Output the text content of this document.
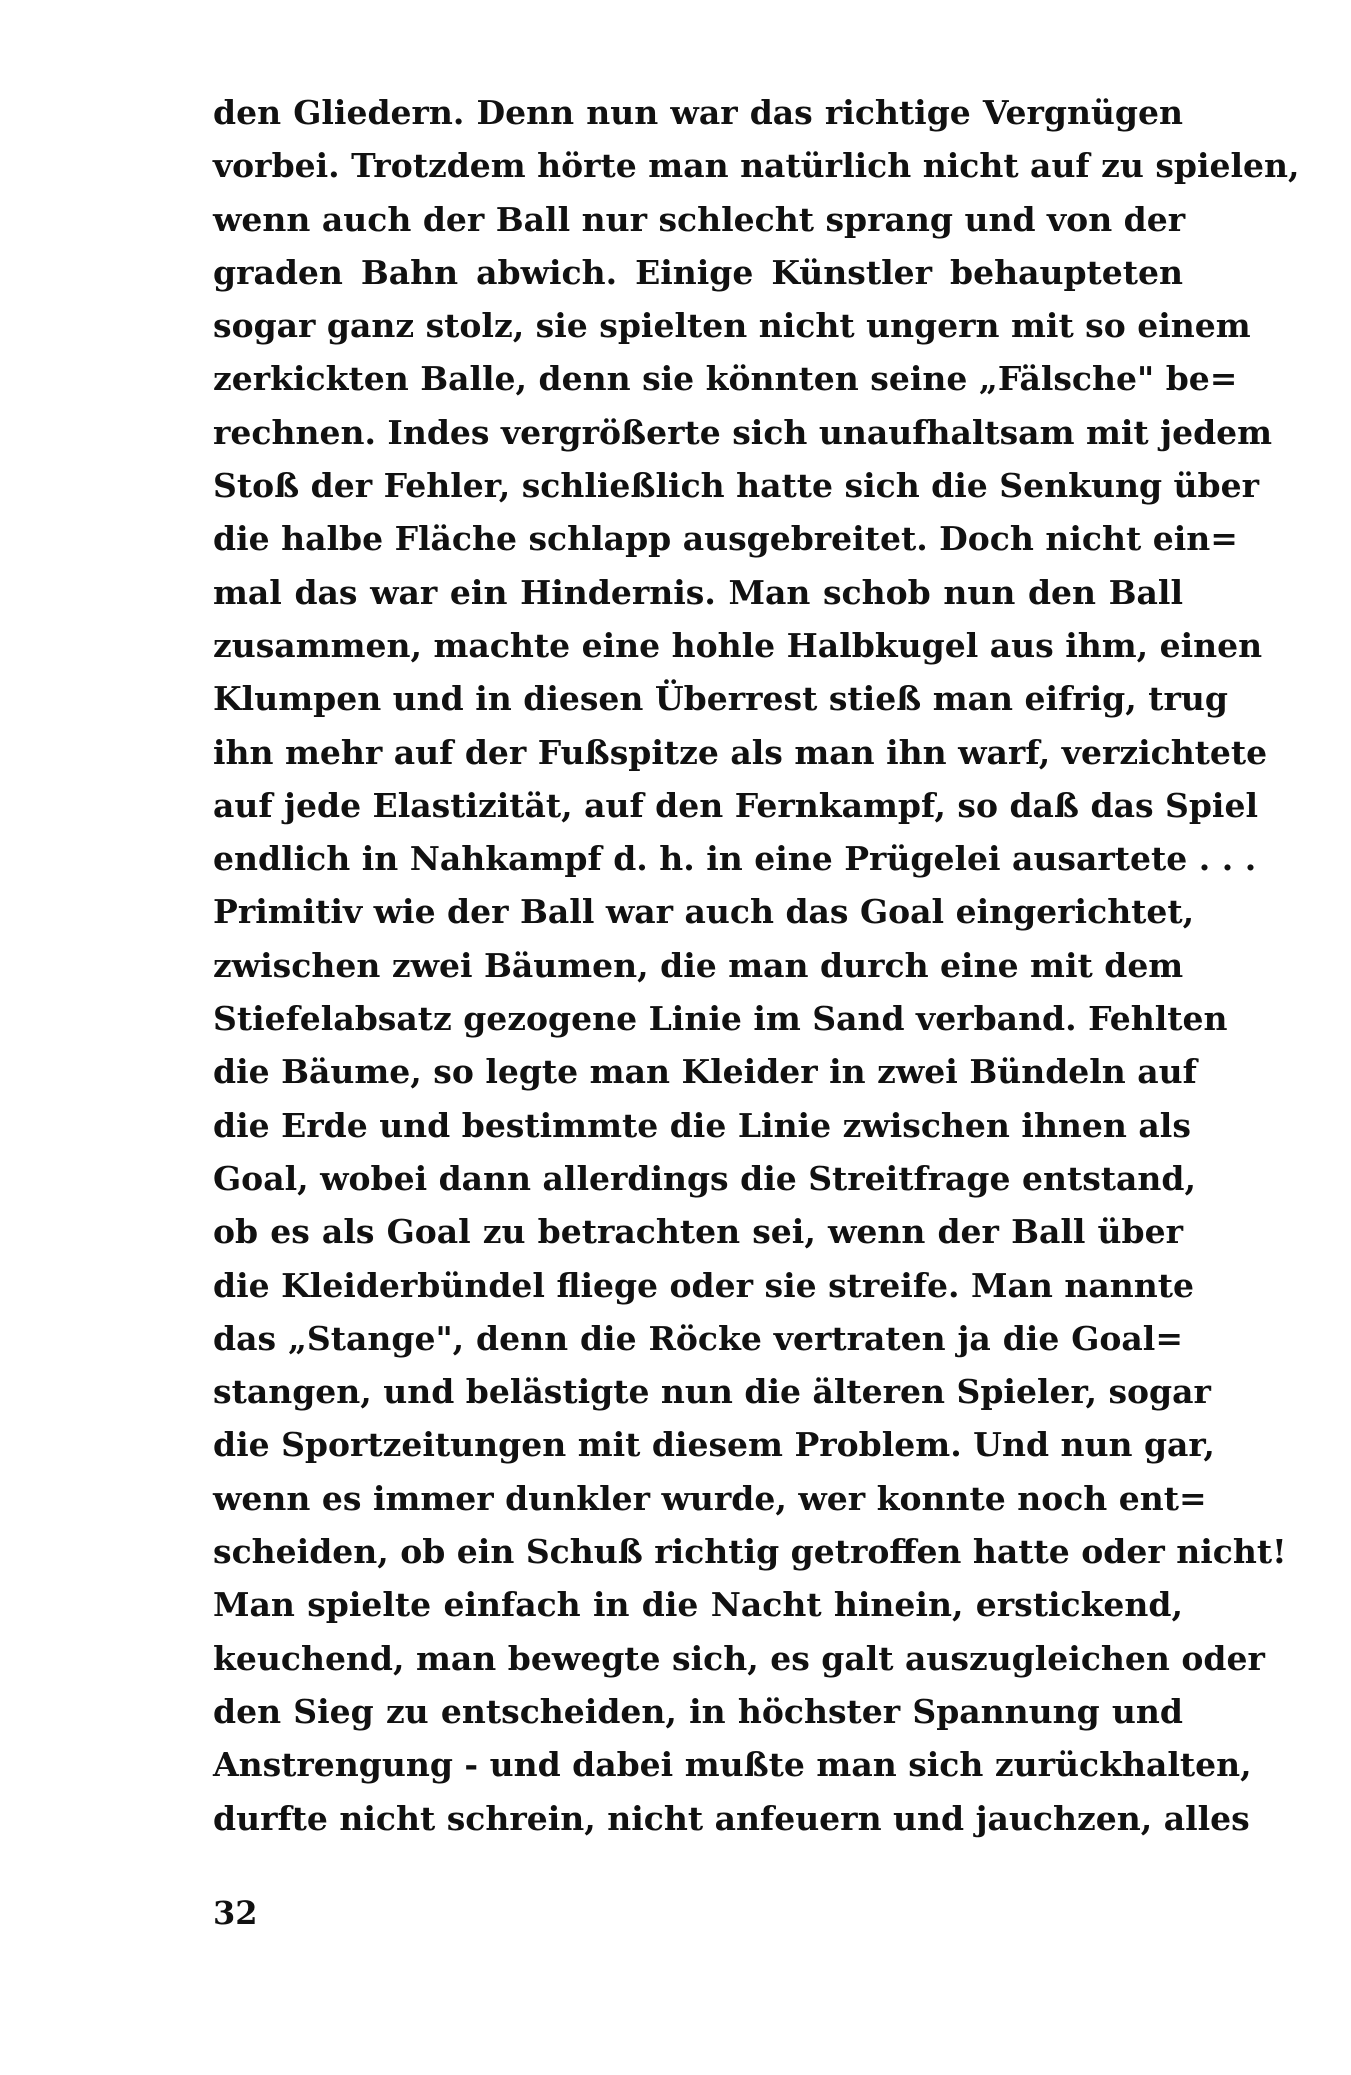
den Gliedern. Denn nun war das richtige Vergnügen
vorbei. Trotzdem hörte man natürlich nicht auf zu spielen,
wenn auch der Ball nur schlecht sprang und von der
graden Bahn abwich. Einige Künstler behaupteten
sogar ganz stolz, sie spielten nicht ungern mit so einem
zerkickten Balle, denn sie könnten seine „Fälsche" be=
rechnen. Indes vergrößerte sich unaufhaltsam mit jedem
Stoß der Fehler, schließlich hatte sich die Senkung über
die halbe Fläche schlapp ausgebreitet. Doch nicht ein=
mal das war ein Hindernis. Man schob nun den Ball
zusammen, machte eine hohle Halbkugel aus ihm, einen
Klumpen und in diesen Überrest stieß man eifrig, trug
ihn mehr auf der Fußspitze als man ihn warf, verzichtete
auf jede Elastizität, auf den Fernkampf, so daß das Spiel
endlich in Nahkampf d. h. in eine Prügelei ausartete . . .
Primitiv wie der Ball war auch das Goal eingerichtet,
zwischen zwei Bäumen, die man durch eine mit dem
Stiefelabsatz gezogene Linie im Sand verband. Fehlten
die Bäume, so legte man Kleider in zwei Bündeln auf
die Erde und bestimmte die Linie zwischen ihnen als
Goal, wobei dann allerdings die Streitfrage entstand,
ob es als Goal zu betrachten sei, wenn der Ball über
die Kleiderbündel fliege oder sie streife. Man nannte
das „Stange", denn die Röcke vertraten ja die Goal=
stangen, und belästigte nun die älteren Spieler, sogar
die Sportzeitungen mit diesem Problem. Und nun gar,
wenn es immer dunkler wurde, wer konnte noch ent=
scheiden, ob ein Schuß richtig getroffen hatte oder nicht!
Man spielte einfach in die Nacht hinein, erstickend,
keuchend, man bewegte sich, es galt auszugleichen oder
den Sieg zu entscheiden, in höchster Spannung und
Anstrengung - und dabei mußte man sich zurückhalten,
durfte nicht schrein, nicht anfeuern und jauchzen, alles
32
